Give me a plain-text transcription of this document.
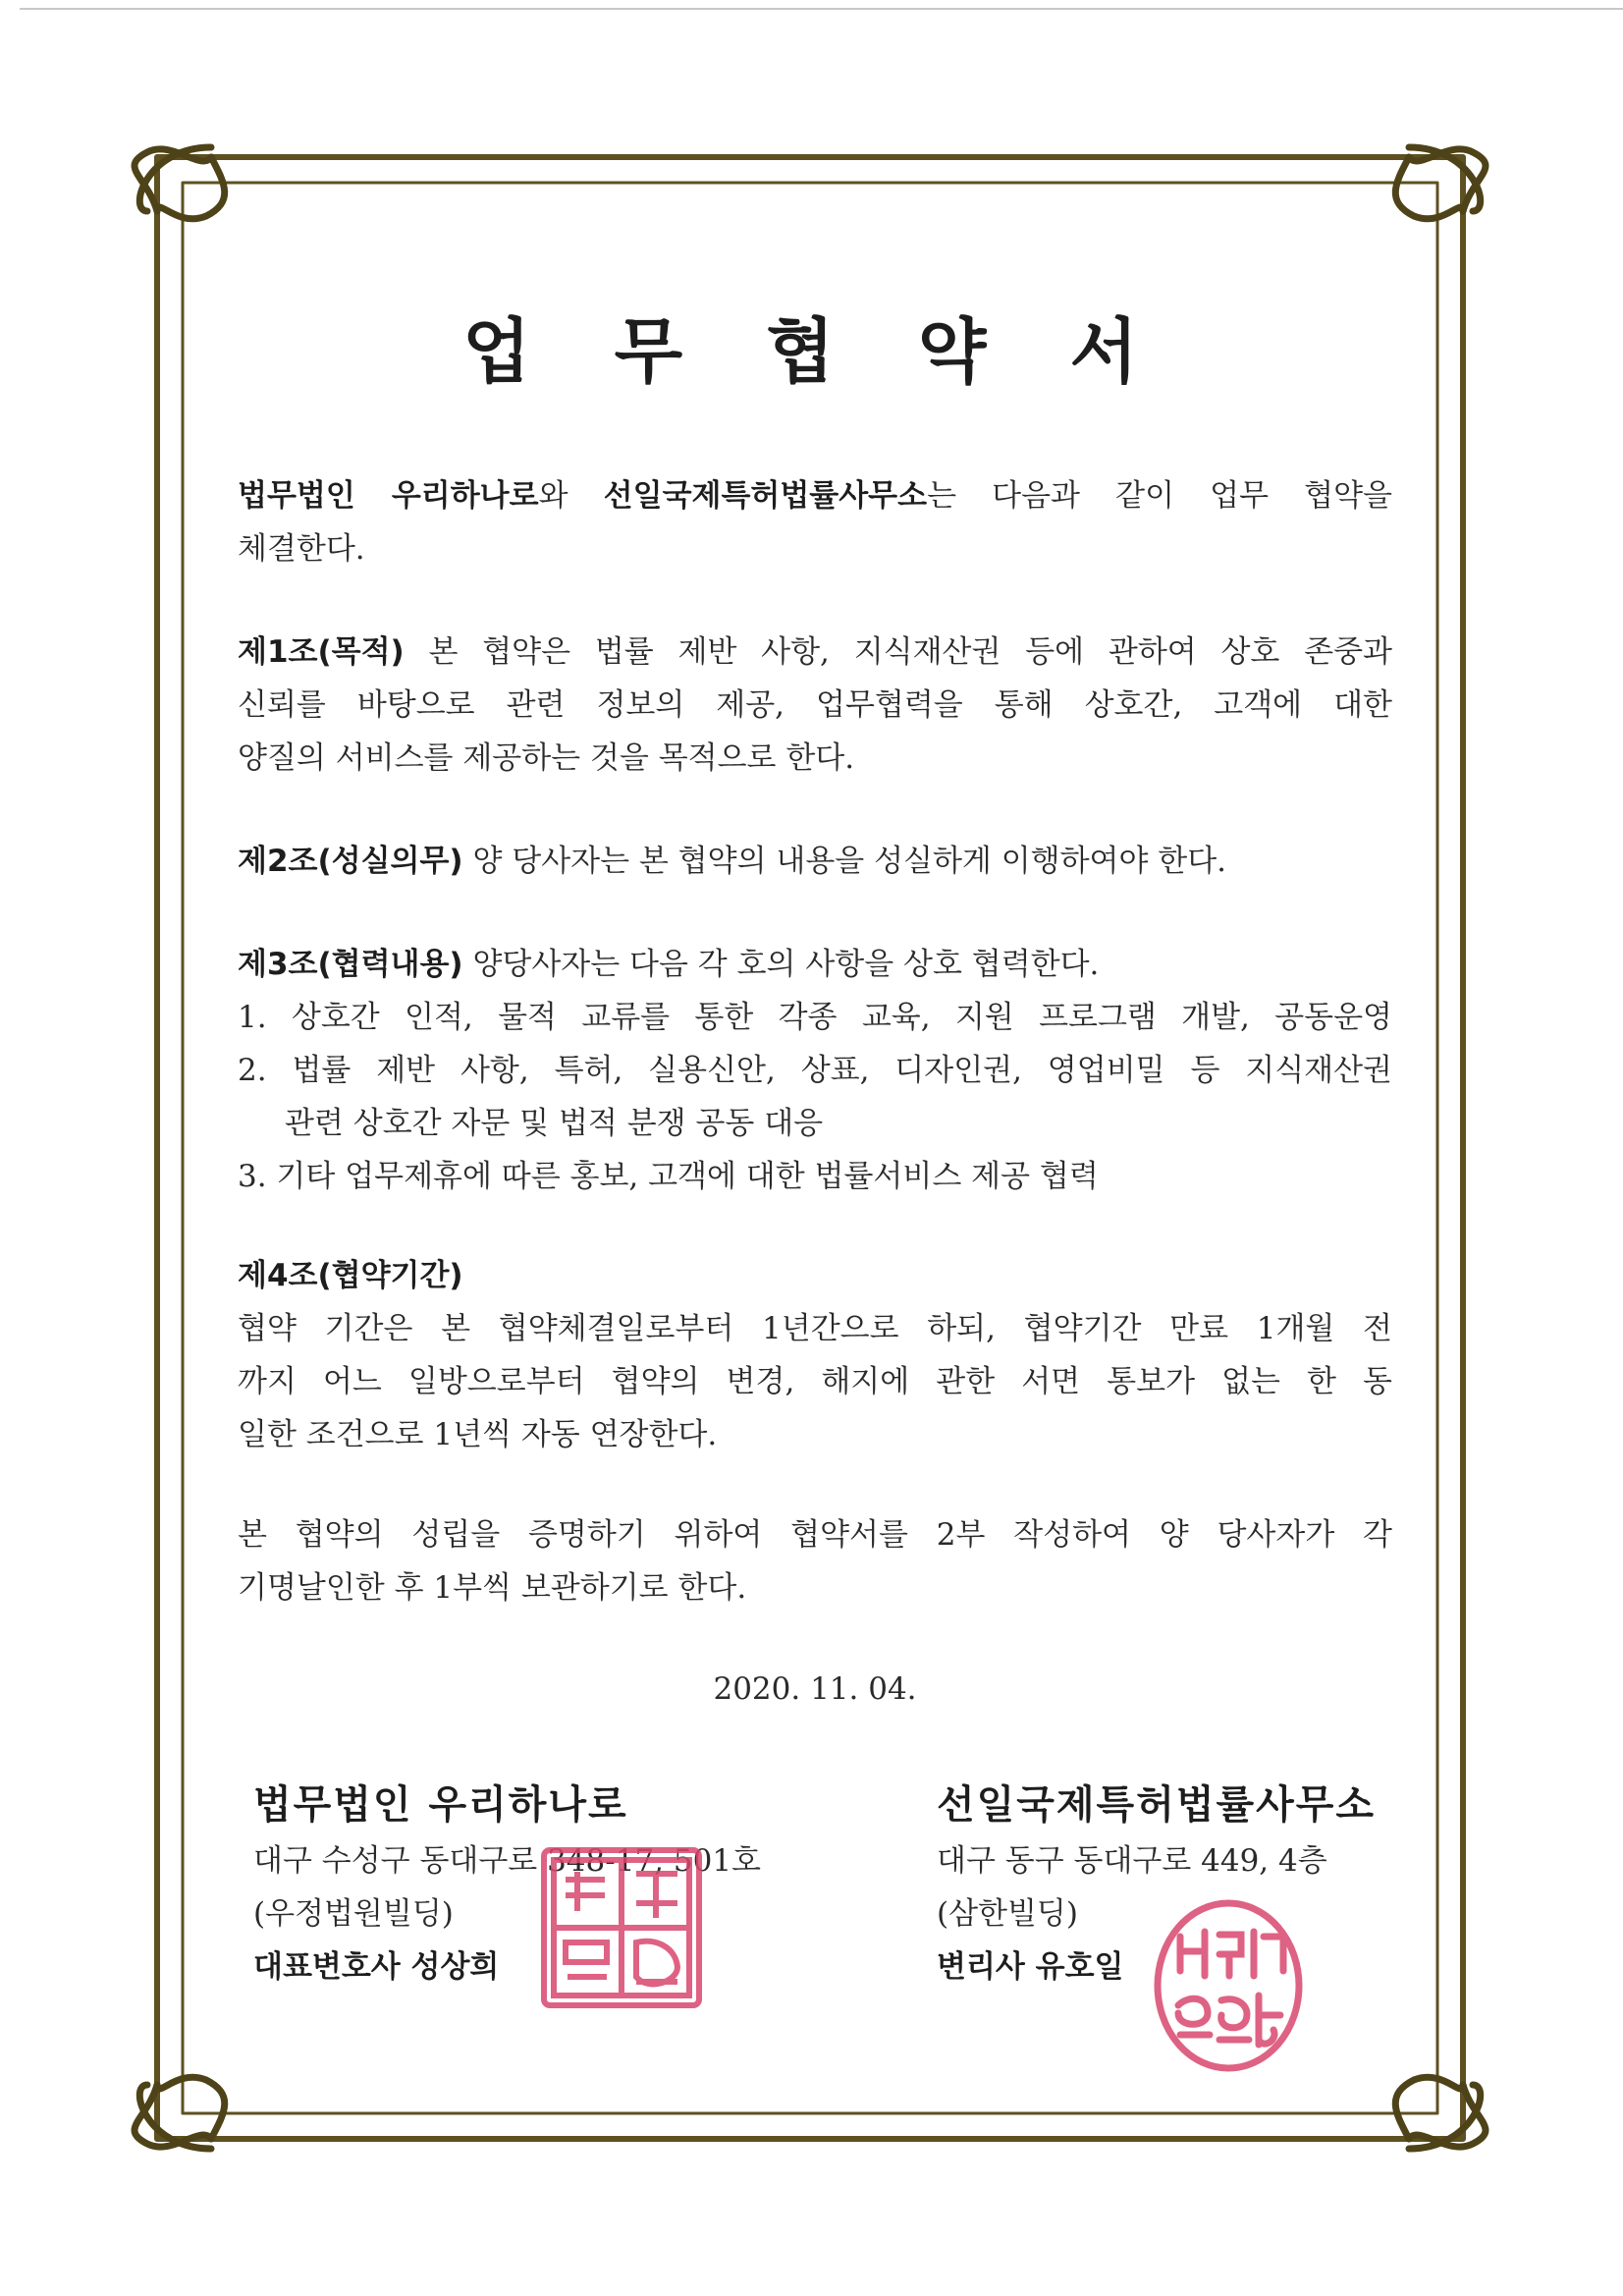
업 무 협 약 서
법무법인 우리하나로와 선일국제특허법률사무소는 다음과 같이 업무 협약을
체결한다.
제1조(목적) 본 협약은 법률 제반 사항, 지식재산권 등에 관하여 상호 존중과
신뢰를 바탕으로 관련 정보의 제공, 업무협력을 통해 상호간, 고객에 대한
양질의 서비스를 제공하는 것을 목적으로 한다.
제2조(성실의무) 양 당사자는 본 협약의 내용을 성실하게 이행하여야 한다.
제3조(협력내용) 양당사자는 다음 각 호의 사항을 상호 협력한다.
1. 상호간 인적, 물적 교류를 통한 각종 교육, 지원 프로그램 개발, 공동운영
2. 법률 제반 사항, 특허, 실용신안, 상표, 디자인권, 영업비밀 등 지식재산권
관련 상호간 자문 및 법적 분쟁 공동 대응
3. 기타 업무제휴에 따른 홍보, 고객에 대한 법률서비스 제공 협력
제4조(협약기간)
협약 기간은 본 협약체결일로부터 1년간으로 하되, 협약기간 만료 1개월 전
까지 어느 일방으로부터 협약의 변경, 해지에 관한 서면 통보가 없는 한 동
일한 조건으로 1년씩 자동 연장한다.
본 협약의 성립을 증명하기 위하여 협약서를 2부 작성하여 양 당사자가 각
기명날인한 후 1부씩 보관하기로 한다.
2020. 11. 04.
법무법인 우리하나로
대구 수성구 동대구로 348-17, 501호
(우정법원빌딩)
대표변호사 성상희
선일국제특허법률사무소
대구 동구 동대구로 449, 4층
(삼한빌딩)
변리사 유호일
